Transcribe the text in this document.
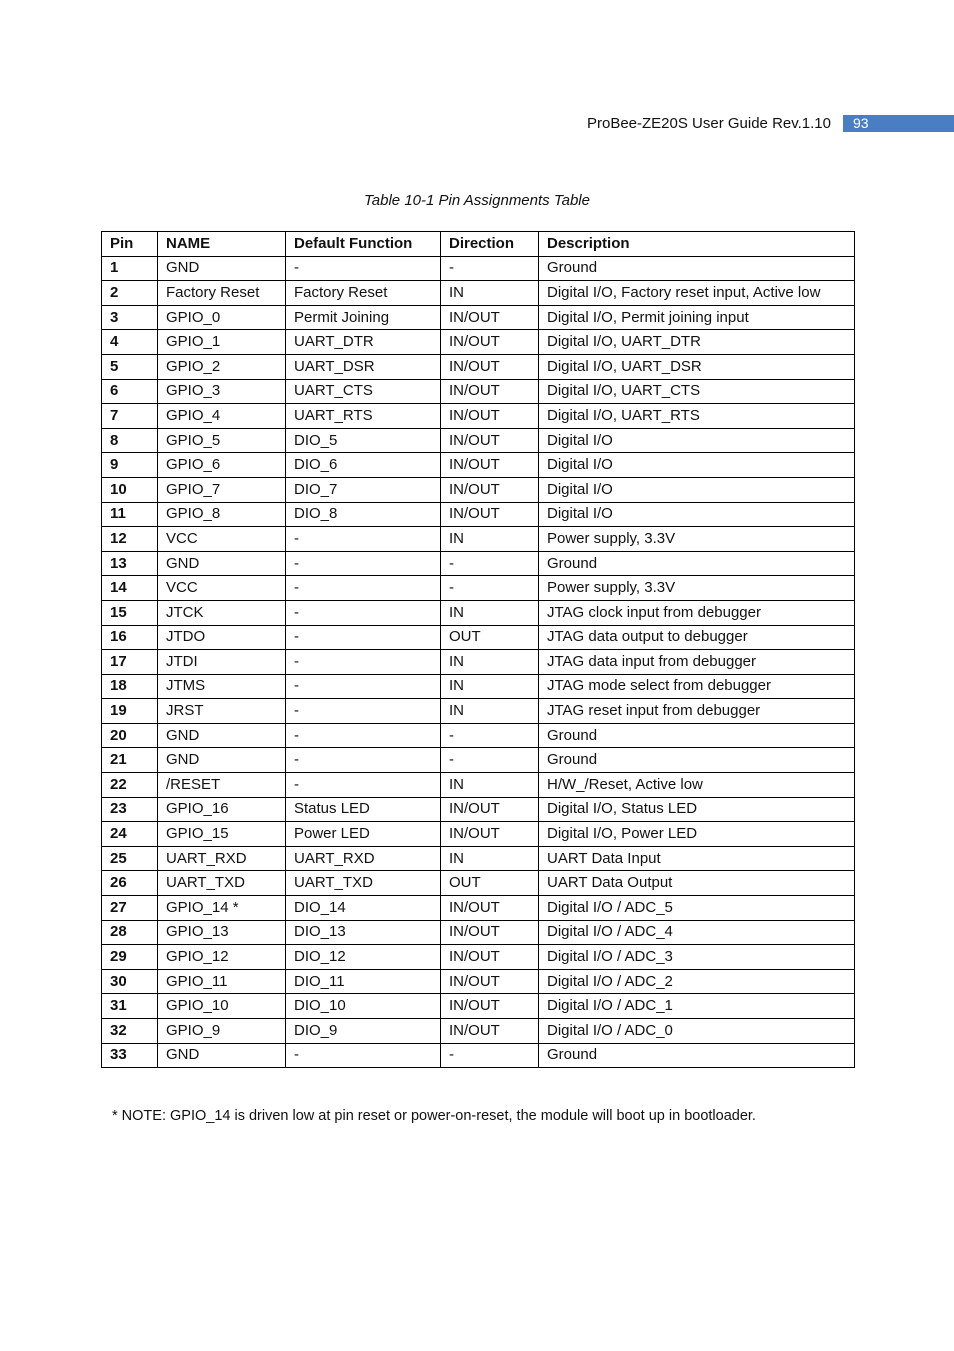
ProBee-ZE20S User Guide Rev.1.10	93
Table 10-1 Pin Assignments Table
Pin	NAME	Default Function	Direction	Description
1	GND	-	-	Ground
2	Factory Reset	Factory Reset	IN	Digital I/O, Factory reset input, Active low
3	GPIO_0	Permit Joining	IN/OUT	Digital I/O, Permit joining input
4	GPIO_1	UART_DTR	IN/OUT	Digital I/O, UART_DTR
5	GPIO_2	UART_DSR	IN/OUT	Digital I/O, UART_DSR
6	GPIO_3	UART_CTS	IN/OUT	Digital I/O, UART_CTS
7	GPIO_4	UART_RTS	IN/OUT	Digital I/O, UART_RTS
8	GPIO_5	DIO_5	IN/OUT	Digital I/O
9	GPIO_6	DIO_6	IN/OUT	Digital I/O
10	GPIO_7	DIO_7	IN/OUT	Digital I/O
11	GPIO_8	DIO_8	IN/OUT	Digital I/O
12	VCC	-	IN	Power supply, 3.3V
13	GND	-	-	Ground
14	VCC	-	-	Power supply, 3.3V
15	JTCK	-	IN	JTAG clock input from debugger
16	JTDO	-	OUT	JTAG data output to debugger
17	JTDI	-	IN	JTAG data input from debugger
18	JTMS	-	IN	JTAG mode select from debugger
19	JRST	-	IN	JTAG reset input from debugger
20	GND	-	-	Ground
21	GND	-	-	Ground
22	/RESET	-	IN	H/W_/Reset, Active low
23	GPIO_16	Status LED	IN/OUT	Digital I/O, Status LED
24	GPIO_15	Power LED	IN/OUT	Digital I/O, Power LED
25	UART_RXD	UART_RXD	IN	UART Data Input
26	UART_TXD	UART_TXD	OUT	UART Data Output
27	GPIO_14 *	DIO_14	IN/OUT	Digital I/O / ADC_5
28	GPIO_13	DIO_13	IN/OUT	Digital I/O / ADC_4
29	GPIO_12	DIO_12	IN/OUT	Digital I/O / ADC_3
30	GPIO_11	DIO_11	IN/OUT	Digital I/O / ADC_2
31	GPIO_10	DIO_10	IN/OUT	Digital I/O / ADC_1
32	GPIO_9	DIO_9	IN/OUT	Digital I/O / ADC_0
33	GND	-	-	Ground
* NOTE: GPIO_14 is driven low at pin reset or power-on-reset, the module will boot up in bootloader.
